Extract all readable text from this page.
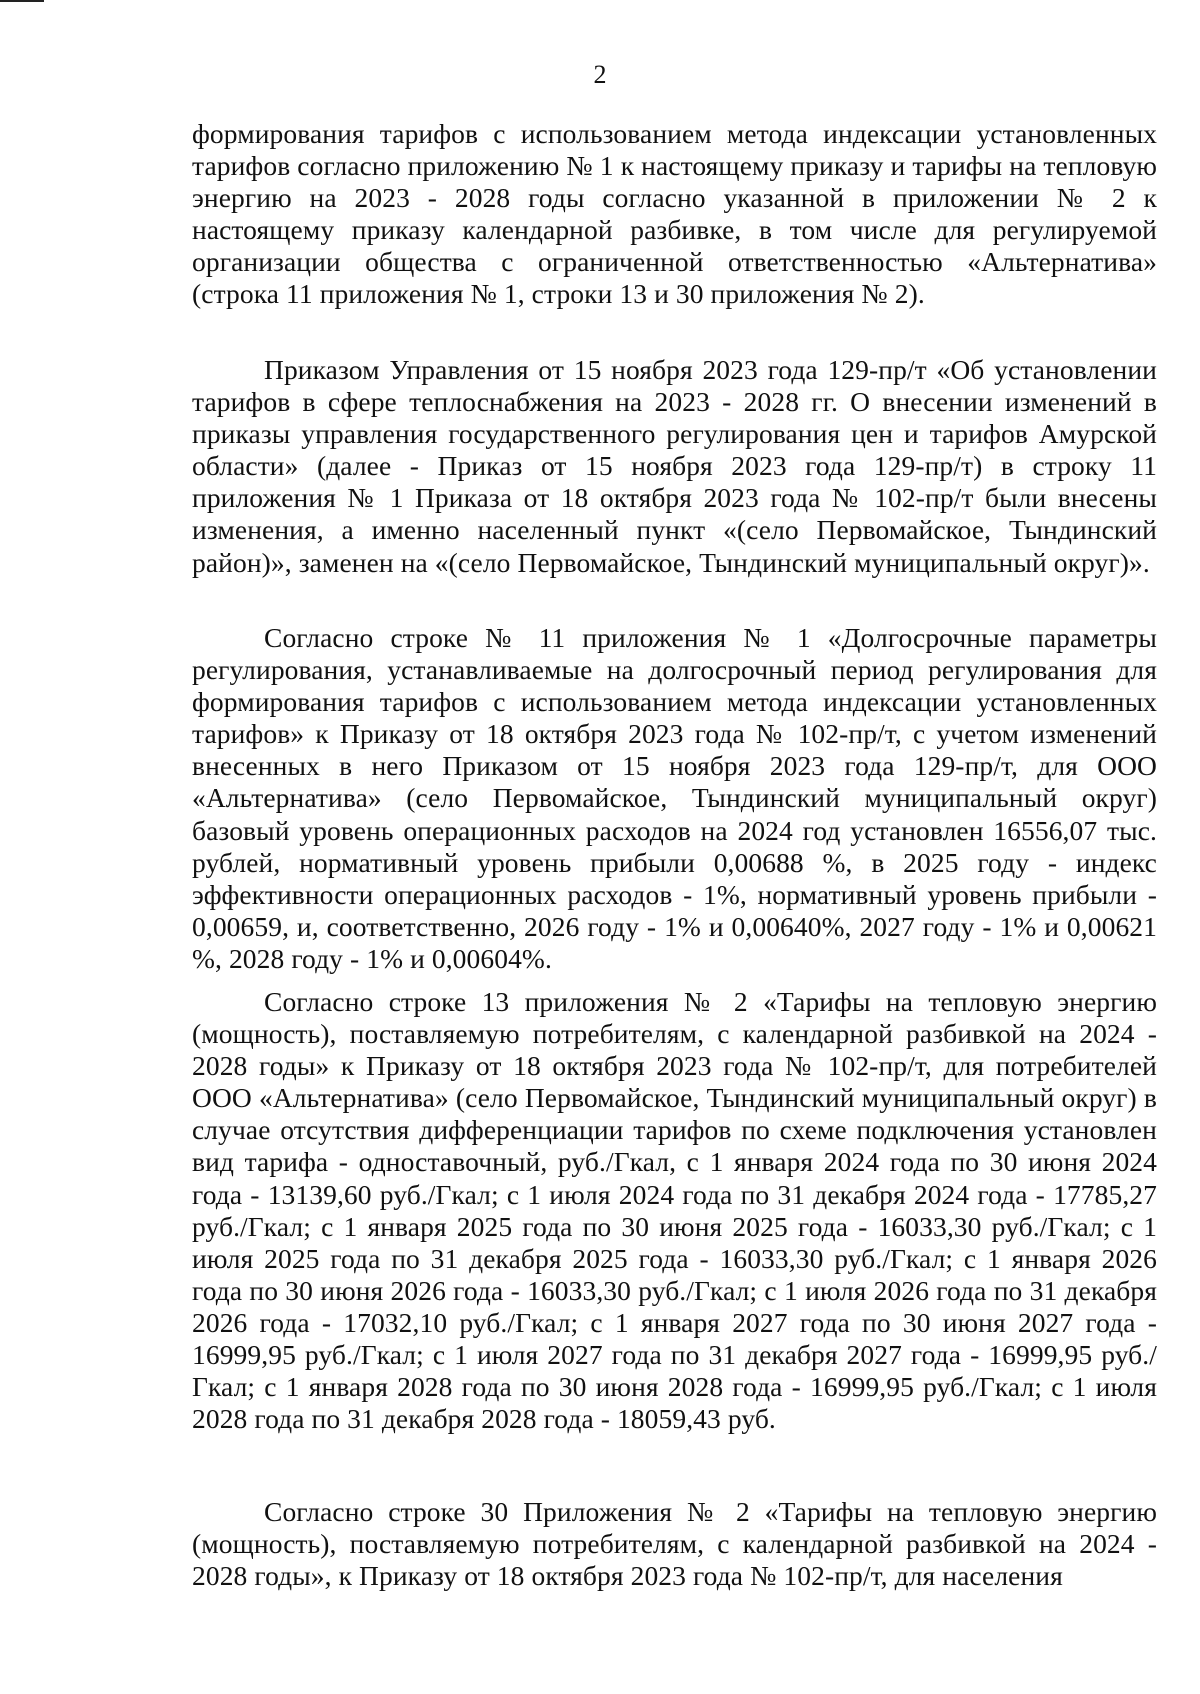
2

формирования тарифов с использованием метода индексации установленных тарифов согласно приложению № 1 к настоящему приказу и тарифы на тепловую энергию на 2023 - 2028 годы согласно указанной в приложении № 2 к настоящему приказу календарной разбивке, в том числе для регулируемой организации общества с ограниченной ответственностью «Альтернатива» (строка 11 приложения № 1, строки 13 и 30 приложения № 2).

Приказом Управления от 15 ноября 2023 года 129-пр/т «Об установлении тарифов в сфере теплоснабжения на 2023 - 2028 гг. О внесении изменений в приказы управления государственного регулирования цен и тарифов Амурской области» (далее - Приказ от 15 ноября 2023 года 129-пр/т) в строку 11 приложения № 1 Приказа от 18 октября 2023 года № 102-пр/т были внесены изменения, а именно населенный пункт «(село Первомайское, Тындинский район)», заменен на «(село Первомайское, Тындинский муниципальный округ)».

Согласно строке № 11 приложения № 1 «Долгосрочные параметры регулирования, устанавливаемые на долгосрочный период регулирования для формирования тарифов с использованием метода индексации установленных тарифов» к Приказу от 18 октября 2023 года № 102-пр/т, с учетом изменений внесенных в него Приказом от 15 ноября 2023 года 129-пр/т, для ООО «Альтернатива» (село Первомайское, Тындинский муниципальный округ) базовый уровень операционных расходов на 2024 год установлен 16556,07 тыс. рублей, нормативный уровень прибыли 0,00688 %, в 2025 году - индекс эффективности операционных расходов - 1%, нормативный уровень прибыли - 0,00659, и, соответственно, 2026 году - 1% и 0,00640%, 2027 году - 1% и 0,00621 %, 2028 году - 1% и 0,00604%.

Согласно строке 13 приложения № 2 «Тарифы на тепловую энергию (мощность), поставляемую потребителям, с календарной разбивкой на 2024 - 2028 годы» к Приказу от 18 октября 2023 года № 102-пр/т, для потребителей ООО «Альтернатива» (село Первомайское, Тындинский муниципальный округ) в случае отсутствия дифференциации тарифов по схеме подключения установлен вид тарифа - одноставочный, руб./Гкал, с 1 января 2024 года по 30 июня 2024 года - 13139,60 руб./Гкал; с 1 июля 2024 года по 31 декабря 2024 года - 17785,27 руб./Гкал; с 1 января 2025 года по 30 июня 2025 года - 16033,30 руб./Гкал; с 1 июля 2025 года по 31 декабря 2025 года - 16033,30 руб./Гкал; с 1 января 2026 года по 30 июня 2026 года - 16033,30 руб./Гкал; с 1 июля 2026 года по 31 декабря 2026 года - 17032,10 руб./Гкал; с 1 января 2027 года по 30 июня 2027 года - 16999,95 руб./Гкал; с 1 июля 2027 года по 31 декабря 2027 года - 16999,95 руб./Гкал; с 1 января 2028 года по 30 июня 2028 года - 16999,95 руб./Гкал; с 1 июля 2028 года по 31 декабря 2028 года - 18059,43 руб.

Согласно строке 30 Приложения № 2 «Тарифы на тепловую энергию (мощность), поставляемую потребителям, с календарной разбивкой на 2024 - 2028 годы», к Приказу от 18 октября 2023 года № 102-пр/т, для населения
